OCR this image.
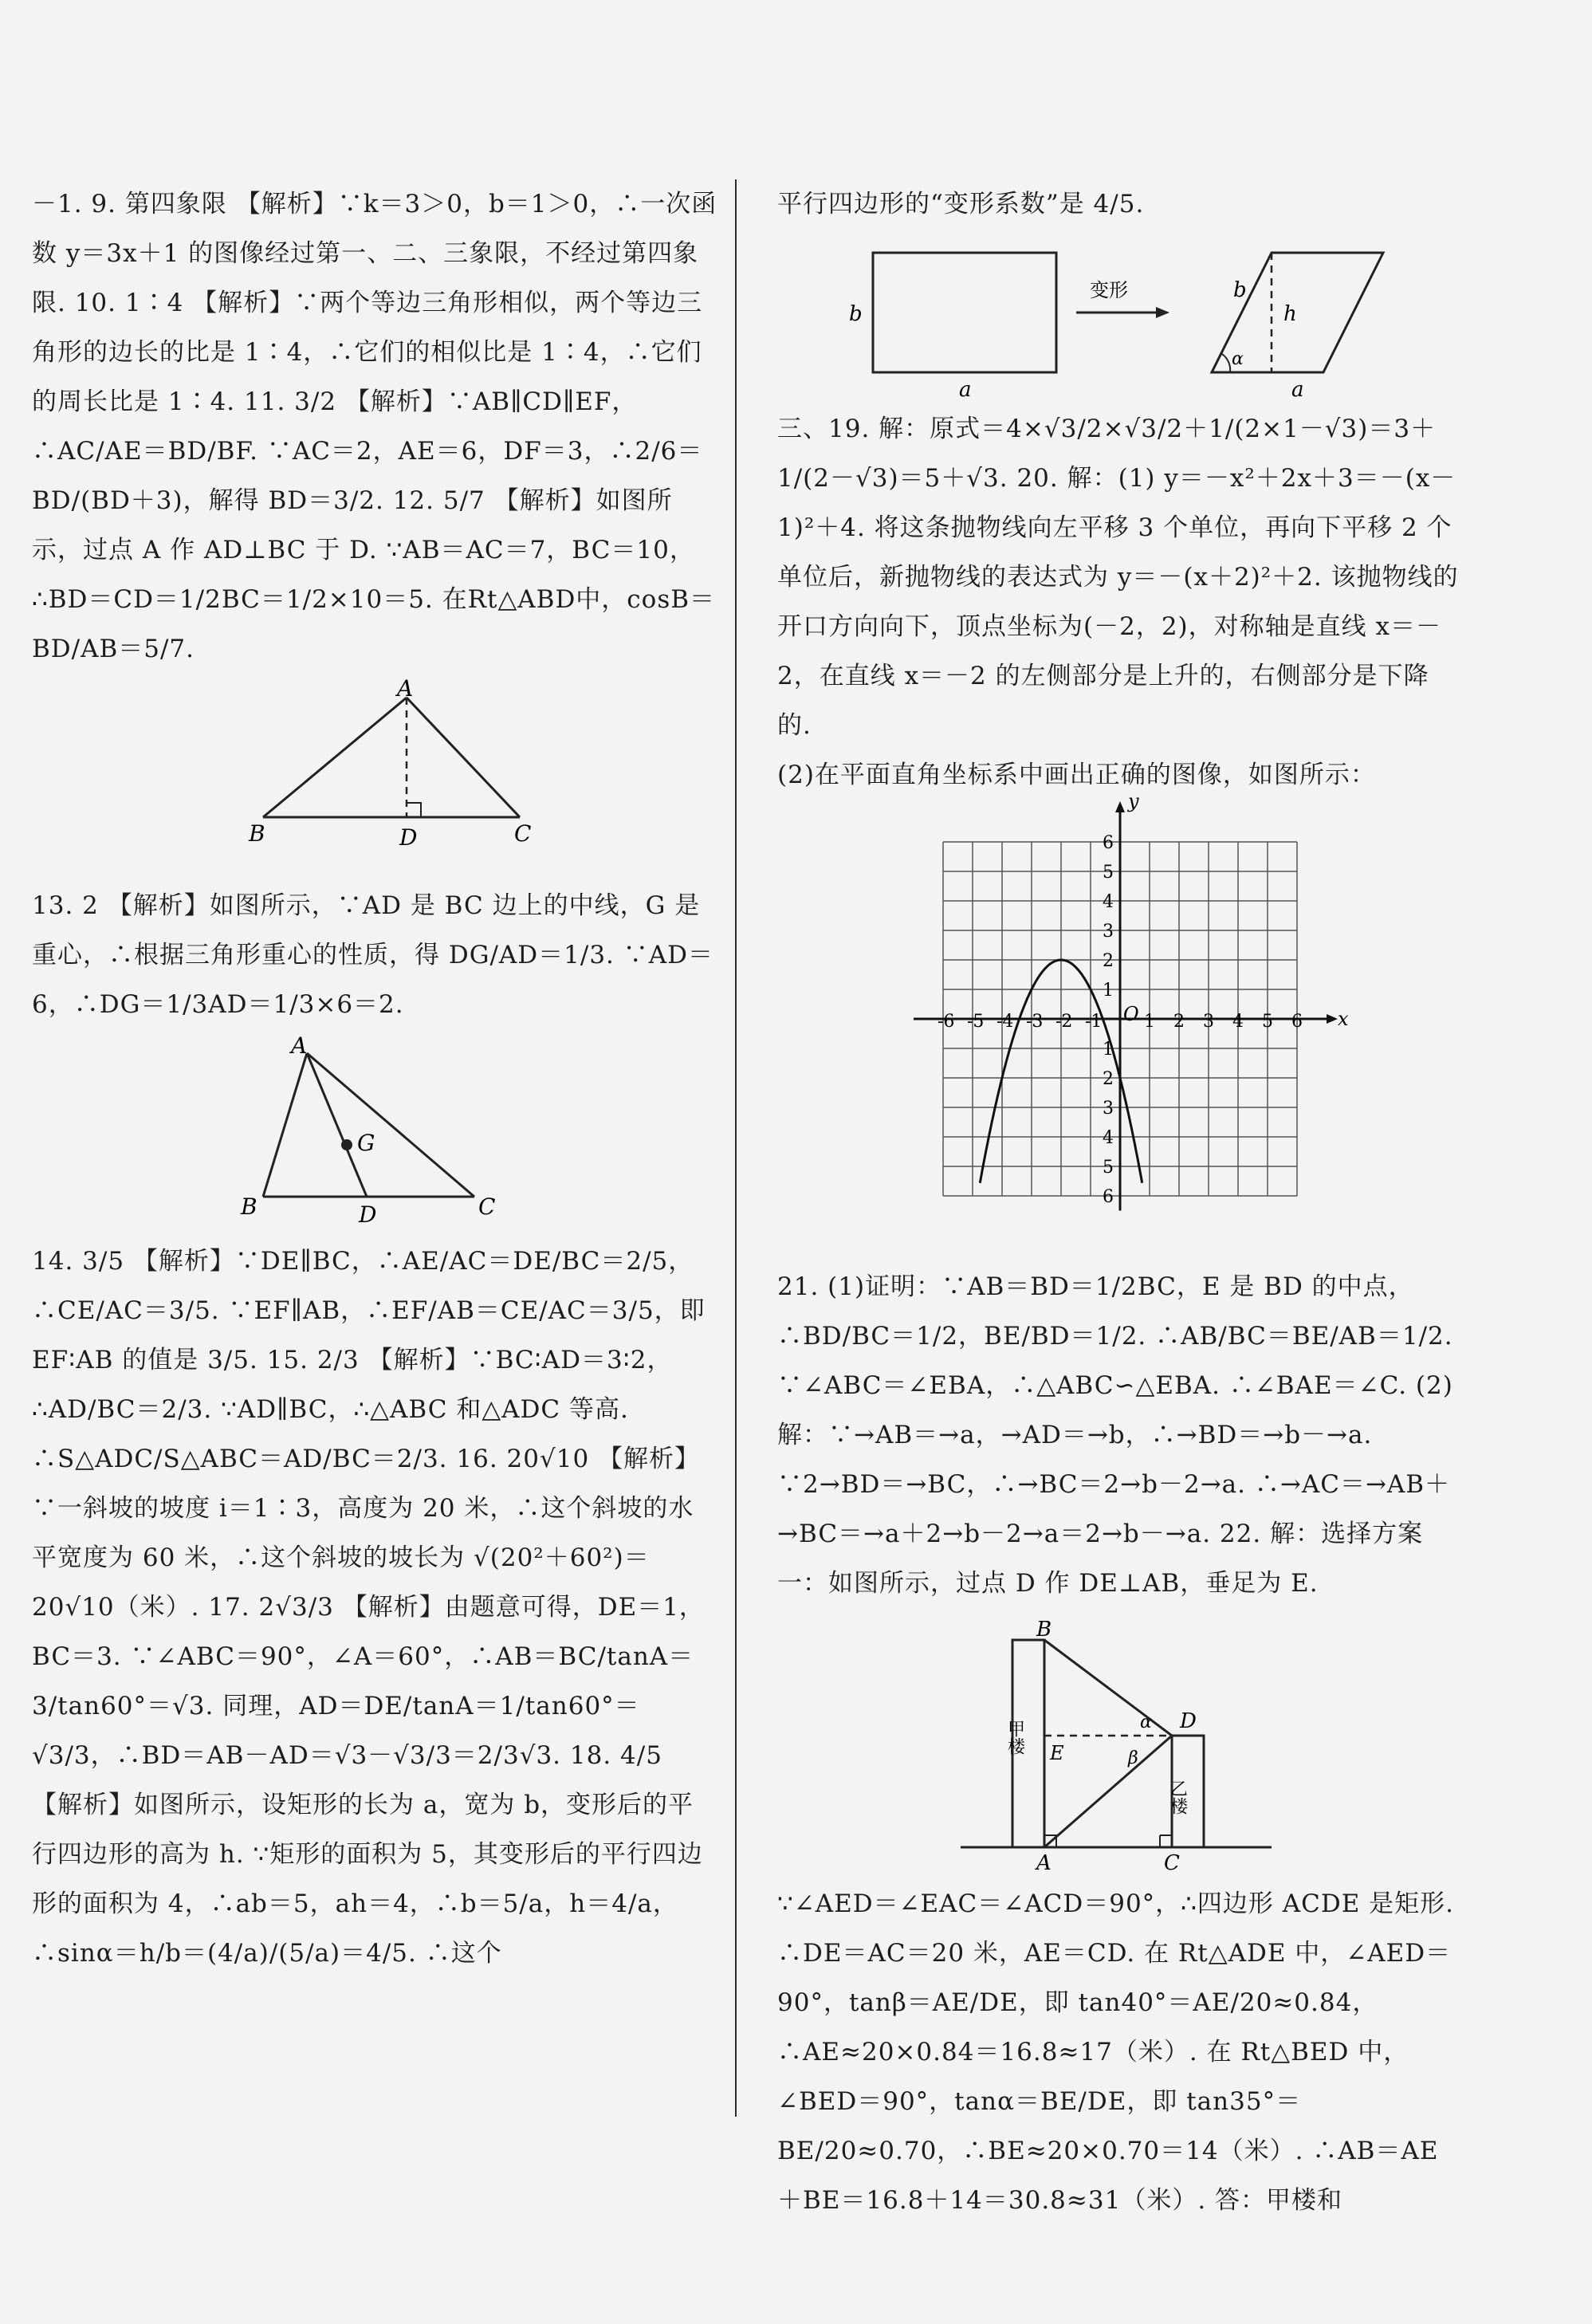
－1. 9. 第四象限 【解析】∵k＝3＞0，b＝1＞0，∴一次函数 y＝3x＋1 的图像经过第一、二、三象限，不经过第四象限. 10. 1∶4 【解析】∵两个等边三角形相似，两个等边三角形的边长的比是 1∶4，∴它们的相似比是 1∶4，∴它们的周长比是 1∶4. 11. 3/2 【解析】∵AB∥CD∥EF，∴AC/AE＝BD/BF. ∵AC＝2，AE＝6，DF＝3，∴2/6＝BD/(BD＋3)，解得 BD＝3/2. 12. 5/7 【解析】如图所示，过点 A 作 AD⊥BC 于 D. ∵AB＝AC＝7，BC＝10，∴BD＝CD＝1/2BC＝1/2×10＝5. 在Rt△ABD中，cosB＝BD/AB＝5/7.

A
B	D	C

13. 2 【解析】如图所示，∵AD 是 BC 边上的中线，G 是重心，∴根据三角形重心的性质，得 DG/AD＝1/3. ∵AD＝6，∴DG＝1/3AD＝1/3×6＝2.

A
G
B	D	C

14. 3/5 【解析】∵DE∥BC，∴AE/AC＝DE/BC＝2/5，∴CE/AC＝3/5. ∵EF∥AB，∴EF/AB＝CE/AC＝3/5，即 EF∶AB 的值是 3/5. 15. 2/3 【解析】∵BC∶AD＝3∶2，∴AD/BC＝2/3. ∵AD∥BC，∴△ABC 和△ADC 等高. ∴S△ADC/S△ABC＝AD/BC＝2/3. 16. 20√10 【解析】∵一斜坡的坡度 i＝1∶3，高度为 20 米，∴这个斜坡的水平宽度为 60 米，∴这个斜坡的坡长为 √(20²＋60²)＝20√10（米）. 17. 2√3/3 【解析】由题意可得，DE＝1，BC＝3. ∵∠ABC＝90°，∠A＝60°，∴AB＝BC/tanA＝3/tan60°＝√3. 同理，AD＝DE/tanA＝1/tan60°＝√3/3，∴BD＝AB－AD＝√3－√3/3＝2/3√3. 18. 4/5 【解析】如图所示，设矩形的长为 a，宽为 b，变形后的平行四边形的高为 h. ∵矩形的面积为 5，其变形后的平行四边形的面积为 4，∴ab＝5，ah＝4，∴b＝5/a，h＝4/a，∴sinα＝h/b＝(4/a)/(5/a)＝4/5. ∴这个

平行四边形的“变形系数”是 4/5.

b
a
变形	b
h
α
a

三、19. 解：原式＝4×√3/2×√3/2＋1/(2×1－√3)＝3＋1/(2－√3)＝5＋√3. 20. 解：(1) y＝－x²＋2x＋3＝－(x－1)²＋4. 将这条抛物线向左平移 3 个单位，再向下平移 2 个单位后，新抛物线的表达式为 y＝－(x＋2)²＋2. 该抛物线的开口方向向下，顶点坐标为(－2，2)，对称轴是直线 x＝－2，在直线 x＝－2 的左侧部分是上升的，右侧部分是下降的.

(2)在平面直角坐标系中画出正确的图像，如图所示：

x
y
O
-6 -5 -4 -3 -2 -1 1 2 3 4 5 6
6
5
4
3
2
1
1
2
3
4
5
6

21. (1)证明：∵AB＝BD＝1/2BC，E 是 BD 的中点，∴BD/BC＝1/2，BE/BD＝1/2. ∴AB/BC＝BE/AB＝1/2. ∵∠ABC＝∠EBA，∴△ABC∽△EBA. ∴∠BAE＝∠C. (2)解：∵→AB＝→a，→AD＝→b，∴→BD＝→b－→a. ∵2→BD＝→BC，∴→BC＝2→b－2→a. ∴→AC＝→AB＋→BC＝→a＋2→b－2→a＝2→b－→a. 22. 解：选择方案一：如图所示，过点 D 作 DE⊥AB，垂足为 E.

B
D
E
α
β
甲楼
乙楼
A	C

∵∠AED＝∠EAC＝∠ACD＝90°，∴四边形 ACDE 是矩形. ∴DE＝AC＝20 米，AE＝CD. 在 Rt△ADE 中，∠AED＝90°，tanβ＝AE/DE，即 tan40°＝AE/20≈0.84，∴AE≈20×0.84＝16.8≈17（米）. 在 Rt△BED 中，∠BED＝90°，tanα＝BE/DE，即 tan35°＝BE/20≈0.70，∴BE≈20×0.70＝14（米）. ∴AB＝AE＋BE＝16.8＋14＝30.8≈31（米）. 答：甲楼和
